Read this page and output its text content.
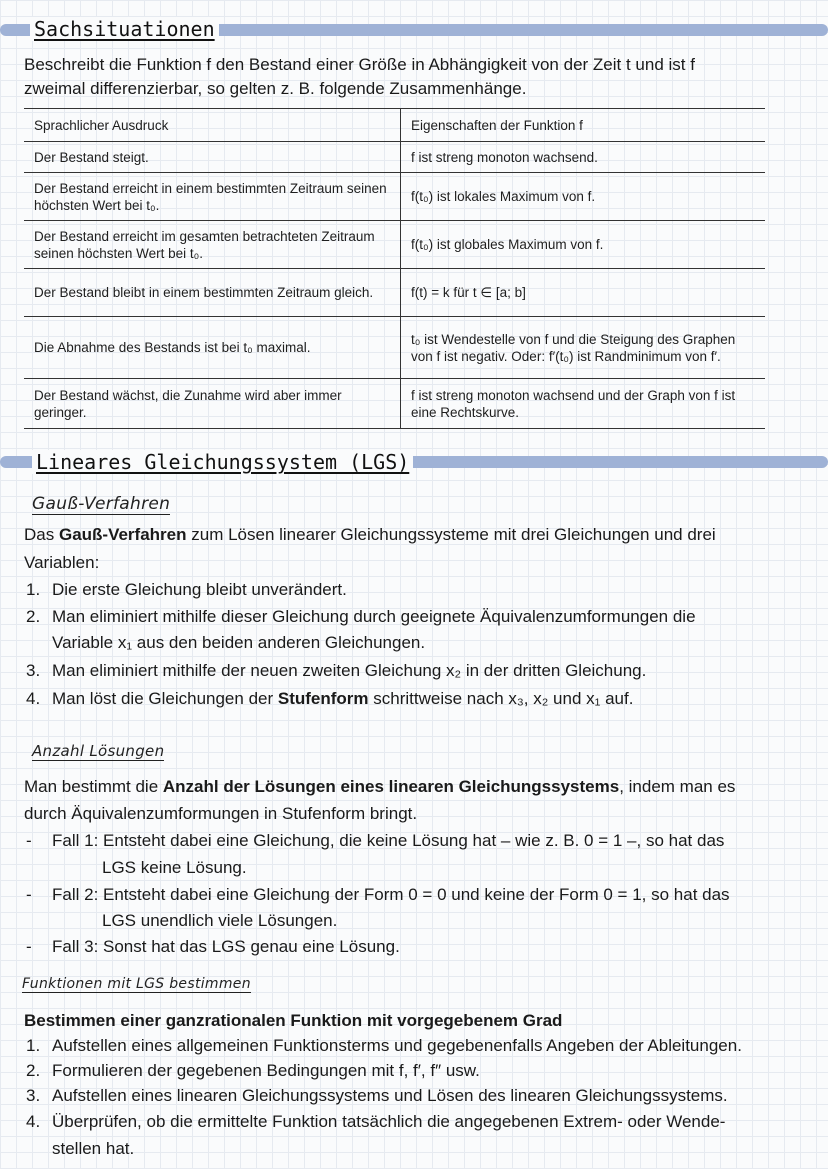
Sachsituationen
Beschreibt die Funktion f den Bestand einer Größe in Abhängigkeit von der Zeit t und ist f
zweimal differenzierbar, so gelten z. B. folgende Zusammenhänge.
Sprachlicher Ausdruck	Eigenschaften der Funktion f
Der Bestand steigt.	f ist streng monoton wachsend.
Der Bestand erreicht in einem bestimmten Zeitraum seinen höchsten Wert bei t₀.	f(t₀) ist lokales Maximum von f.
Der Bestand erreicht im gesamten betrachteten Zeitraum seinen höchsten Wert bei t₀.	f(t₀) ist globales Maximum von f.
Der Bestand bleibt in einem bestimmten Zeitraum gleich.	f(t) = k für t ∈ [a; b]
Die Abnahme des Bestands ist bei t₀ maximal.	t₀ ist Wendestelle von f und die Steigung des Graphen von f ist negativ. Oder: f′(t₀) ist Randminimum von f′.
Der Bestand wächst, die Zunahme wird aber immer geringer.	f ist streng monoton wachsend und der Graph von f ist eine Rechtskurve.
Lineares Gleichungssystem (LGS)
Gauß-Verfahren
Das Gauß-Verfahren zum Lösen linearer Gleichungssysteme mit drei Gleichungen und drei
Variablen:
1. Die erste Gleichung bleibt unverändert.
2. Man eliminiert mithilfe dieser Gleichung durch geeignete Äquivalenzumformungen die
Variable x₁ aus den beiden anderen Gleichungen.
3. Man eliminiert mithilfe der neuen zweiten Gleichung x₂ in der dritten Gleichung.
4. Man löst die Gleichungen der Stufenform schrittweise nach x₃, x₂ und x₁ auf.
Anzahl Lösungen
Man bestimmt die Anzahl der Lösungen eines linearen Gleichungssystems, indem man es
durch Äquivalenzumformungen in Stufenform bringt.
- Fall 1: Entsteht dabei eine Gleichung, die keine Lösung hat – wie z. B. 0 = 1 –, so hat das
LGS keine Lösung.
- Fall 2: Entsteht dabei eine Gleichung der Form 0 = 0 und keine der Form 0 = 1, so hat das
LGS unendlich viele Lösungen.
- Fall 3: Sonst hat das LGS genau eine Lösung.
Funktionen mit LGS bestimmen
Bestimmen einer ganzrationalen Funktion mit vorgegebenem Grad
1. Aufstellen eines allgemeinen Funktionsterms und gegebenenfalls Angeben der Ableitungen.
2. Formulieren der gegebenen Bedingungen mit f, f′, f″ usw.
3. Aufstellen eines linearen Gleichungssystems und Lösen des linearen Gleichungssystems.
4. Überprüfen, ob die ermittelte Funktion tatsächlich die angegebenen Extrem- oder Wende-
stellen hat.
